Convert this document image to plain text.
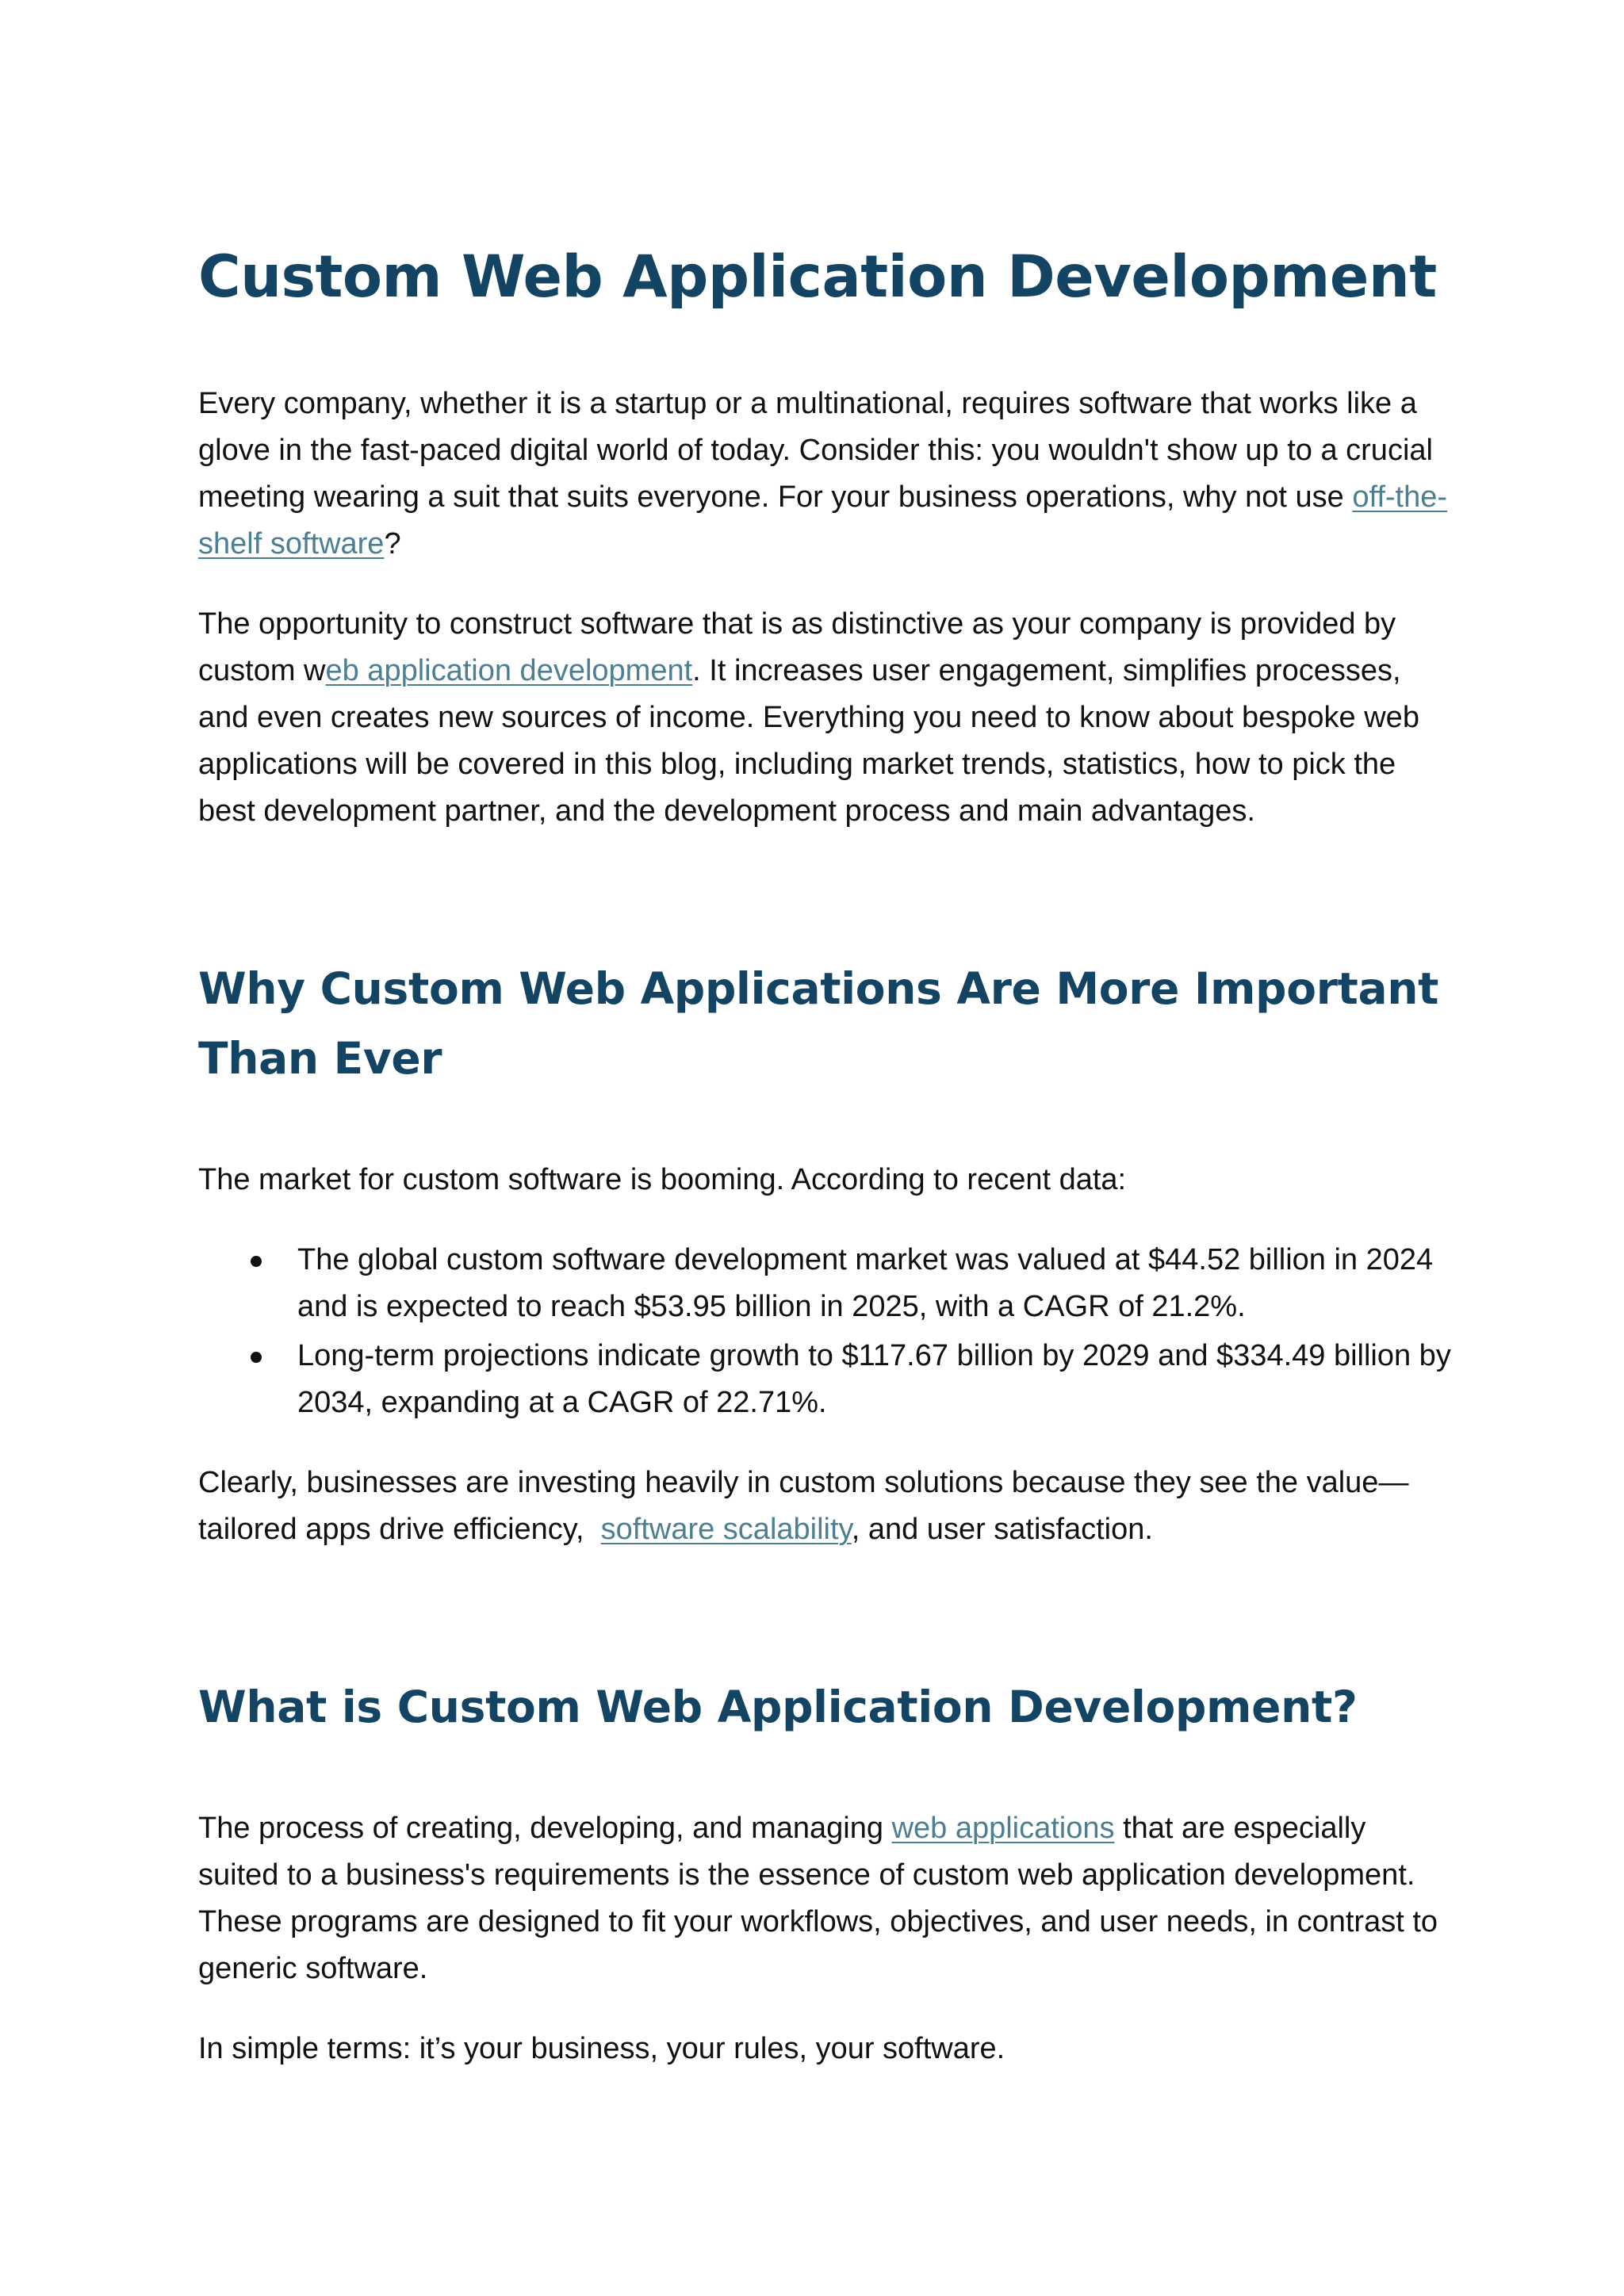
Custom Web Application Development

Every company, whether it is a startup or a multinational, requires software that works like a glove in the fast-paced digital world of today. Consider this: you wouldn't show up to a crucial meeting wearing a suit that suits everyone. For your business operations, why not use off-the-shelf software?

The opportunity to construct software that is as distinctive as your company is provided by custom web application development. It increases user engagement, simplifies processes, and even creates new sources of income. Everything you need to know about bespoke web applications will be covered in this blog, including market trends, statistics, how to pick the best development partner, and the development process and main advantages.

Why Custom Web Applications Are More Important Than Ever

The market for custom software is booming. According to recent data:

The global custom software development market was valued at $44.52 billion in 2024 and is expected to reach $53.95 billion in 2025, with a CAGR of 21.2%.
Long-term projections indicate growth to $117.67 billion by 2029 and $334.49 billion by 2034, expanding at a CAGR of 22.71%.

Clearly, businesses are investing heavily in custom solutions because they see the value—tailored apps drive efficiency,  software scalability, and user satisfaction.

What is Custom Web Application Development?

The process of creating, developing, and managing web applications that are especially suited to a business's requirements is the essence of custom web application development. These programs are designed to fit your workflows, objectives, and user needs, in contrast to generic software.

In simple terms: it’s your business, your rules, your software.
